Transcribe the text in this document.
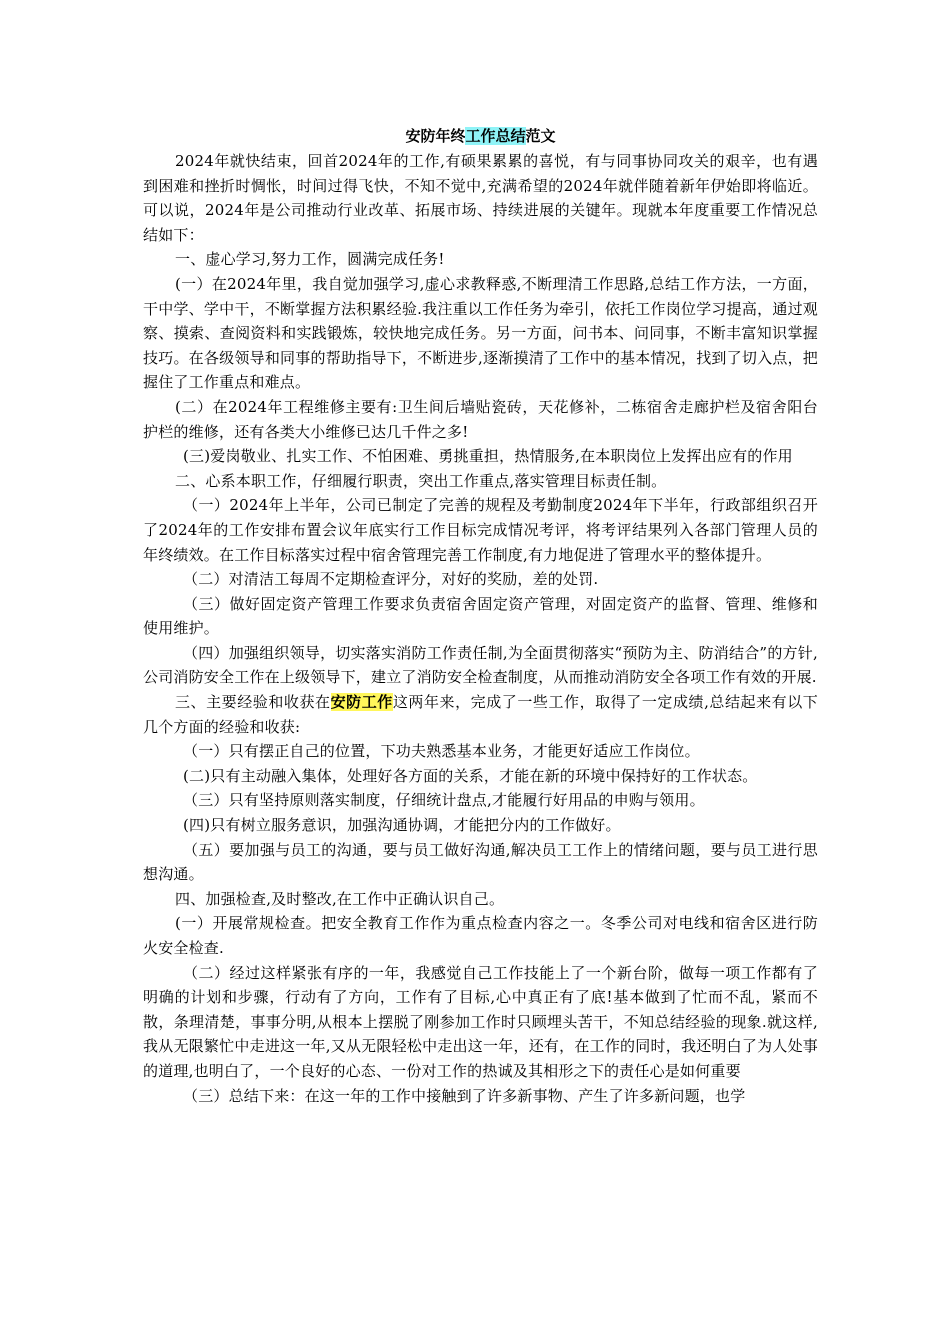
安防年终工作总结范文

2024年就快结束，回首2024年的工作,有硕果累累的喜悦，有与同事协同攻关的艰辛，也有遇到困难和挫折时惆怅，时间过得飞快，不知不觉中,充满希望的2024年就伴随着新年伊始即将临近。可以说，2024年是公司推动行业改革、拓展市场、持续进展的关键年。现就本年度重要工作情况总结如下：

一、虚心学习,努力工作，圆满完成任务!

(一）在2024年里，我自觉加强学习,虚心求教释惑,不断理清工作思路,总结工作方法，一方面，干中学、学中干，不断掌握方法积累经验.我注重以工作任务为牵引，依托工作岗位学习提高，通过观察、摸索、查阅资料和实践锻炼，较快地完成任务。另一方面，问书本、问同事，不断丰富知识掌握技巧。在各级领导和同事的帮助指导下，不断进步,逐渐摸清了工作中的基本情况，找到了切入点，把握住了工作重点和难点。

(二）在2024年工程维修主要有:卫生间后墙贴瓷砖，天花修补，二栋宿舍走廊护栏及宿舍阳台护栏的维修，还有各类大小维修已达几千件之多!

(三)爱岗敬业、扎实工作、不怕困难、勇挑重担，热情服务,在本职岗位上发挥出应有的作用

二、心系本职工作，仔细履行职责，突出工作重点,落实管理目标责任制。

（一）2024年上半年，公司已制定了完善的规程及考勤制度2024年下半年，行政部组织召开了2024年的工作安排布置会议年底实行工作目标完成情况考评，将考评结果列入各部门管理人员的年终绩效。在工作目标落实过程中宿舍管理完善工作制度,有力地促进了管理水平的整体提升。

（二）对清洁工每周不定期检查评分，对好的奖励，差的处罚.

（三）做好固定资产管理工作要求负责宿舍固定资产管理，对固定资产的监督、管理、维修和使用维护。

（四）加强组织领导，切实落实消防工作责任制,为全面贯彻落实“预防为主、防消结合”的方针,公司消防安全工作在上级领导下，建立了消防安全检查制度，从而推动消防安全各项工作有效的开展.

三、主要经验和收获在安防工作这两年来，完成了一些工作，取得了一定成绩,总结起来有以下几个方面的经验和收获:

（一）只有摆正自己的位置，下功夫熟悉基本业务，才能更好适应工作岗位。

(二)只有主动融入集体，处理好各方面的关系，才能在新的环境中保持好的工作状态。

（三）只有坚持原则落实制度，仔细统计盘点,才能履行好用品的申购与领用。

(四)只有树立服务意识，加强沟通协调，才能把分内的工作做好。

（五）要加强与员工的沟通，要与员工做好沟通,解决员工工作上的情绪问题，要与员工进行思想沟通。

四、加强检查,及时整改,在工作中正确认识自己。

(一）开展常规检查。把安全教育工作作为重点检查内容之一。冬季公司对电线和宿舍区进行防火安全检查.

（二）经过这样紧张有序的一年，我感觉自己工作技能上了一个新台阶，做每一项工作都有了明确的计划和步骤，行动有了方向，工作有了目标,心中真正有了底!基本做到了忙而不乱，紧而不散，条理清楚，事事分明,从根本上摆脱了刚参加工作时只顾埋头苦干，不知总结经验的现象.就这样,我从无限繁忙中走进这一年,又从无限轻松中走出这一年，还有，在工作的同时，我还明白了为人处事的道理,也明白了，一个良好的心态、一份对工作的热诚及其相形之下的责任心是如何重要

（三）总结下来：在这一年的工作中接触到了许多新事物、产生了许多新问题，也学
